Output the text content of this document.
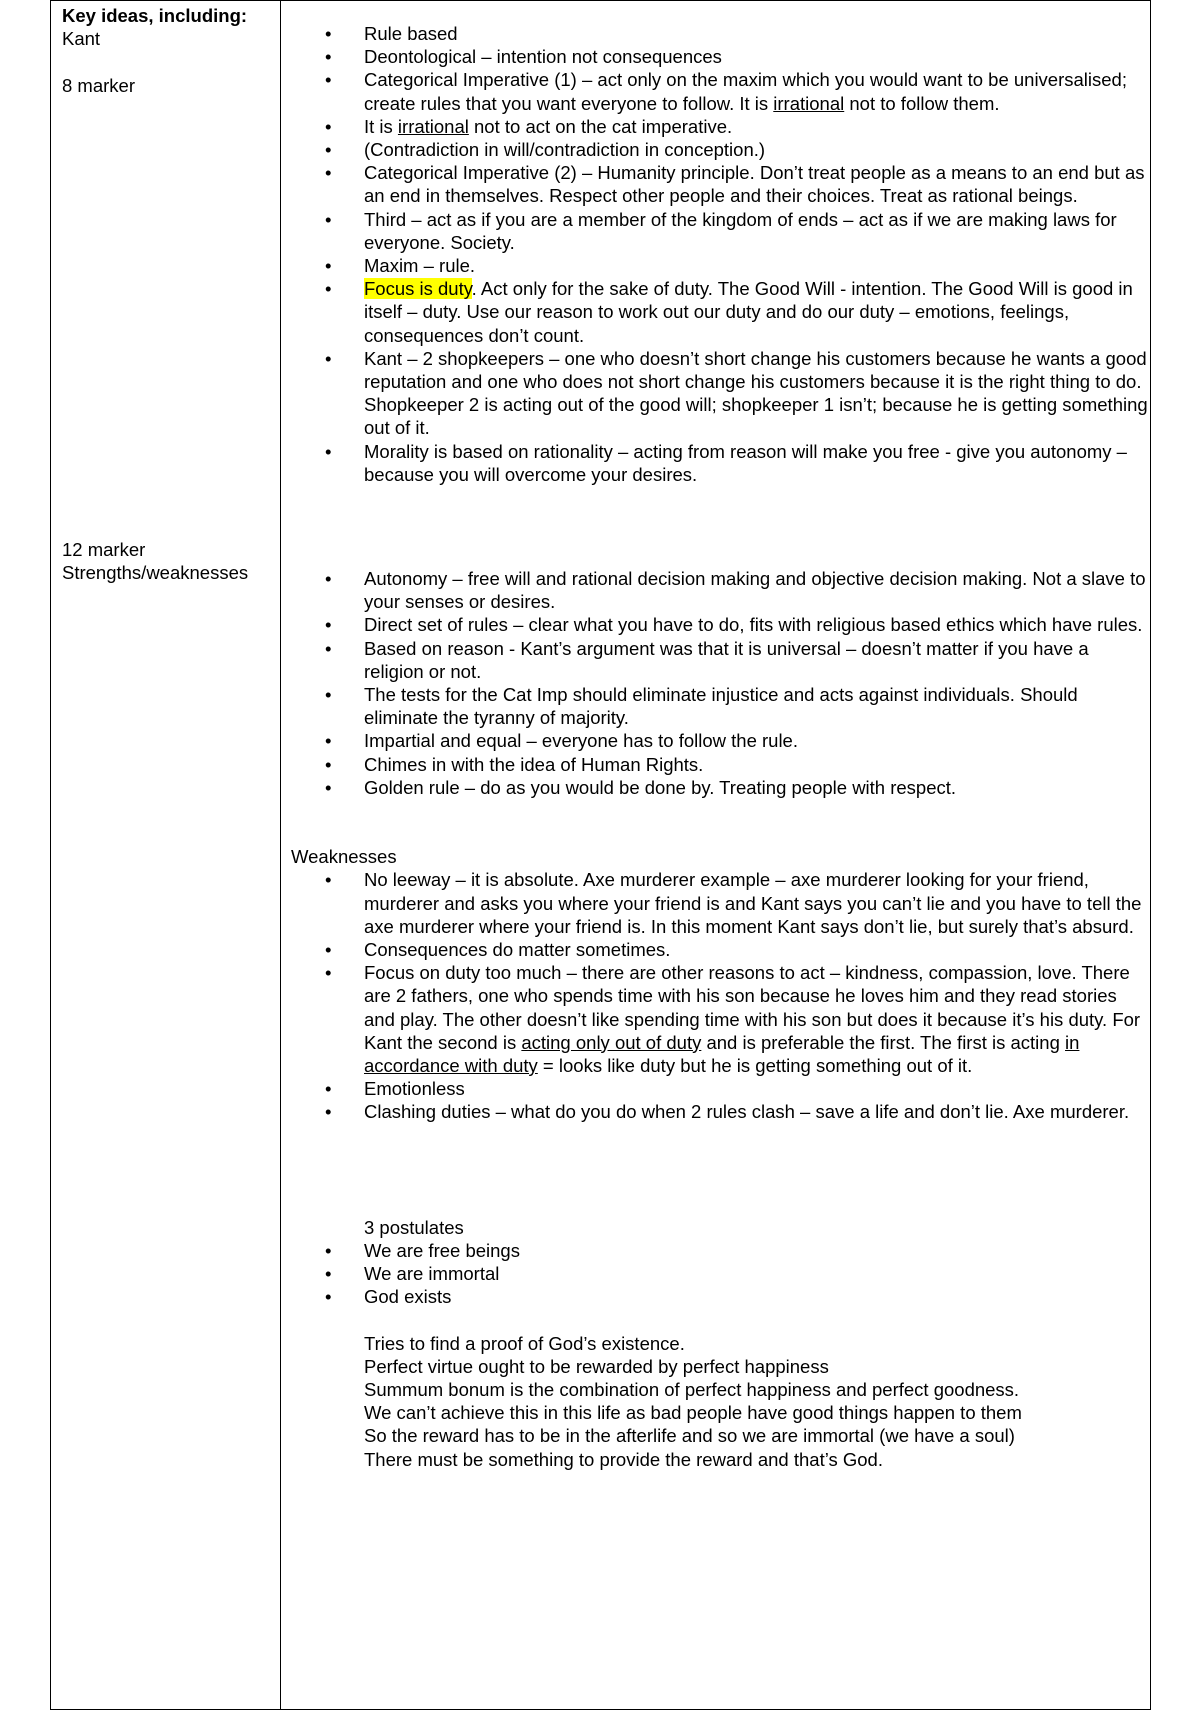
Key ideas, including:
Kant
8 marker
12 marker
Strengths/weaknesses
• Rule based
• Deontological – intention not consequences
• Categorical Imperative (1) – act only on the maxim which you would want to be universalised; create rules that you want everyone to follow. It is irrational not to follow them.
• It is irrational not to act on the cat imperative.
• (Contradiction in will/contradiction in conception.)
• Categorical Imperative (2) – Humanity principle. Don’t treat people as a means to an end but as an end in themselves. Respect other people and their choices. Treat as rational beings.
• Third – act as if you are a member of the kingdom of ends – act as if we are making laws for everyone. Society.
• Maxim – rule.
• Focus is duty. Act only for the sake of duty. The Good Will - intention. The Good Will is good in itself – duty. Use our reason to work out our duty and do our duty – emotions, feelings, consequences don’t count.
• Kant – 2 shopkeepers – one who doesn’t short change his customers because he wants a good reputation and one who does not short change his customers because it is the right thing to do. Shopkeeper 2 is acting out of the good will; shopkeeper 1 isn’t; because he is getting something out of it.
• Morality is based on rationality – acting from reason will make you free - give you autonomy – because you will overcome your desires.
• Autonomy – free will and rational decision making and objective decision making. Not a slave to your senses or desires.
• Direct set of rules – clear what you have to do, fits with religious based ethics which have rules.
• Based on reason - Kant’s argument was that it is universal – doesn’t matter if you have a religion or not.
• The tests for the Cat Imp should eliminate injustice and acts against individuals. Should eliminate the tyranny of majority.
• Impartial and equal – everyone has to follow the rule.
• Chimes in with the idea of Human Rights.
• Golden rule – do as you would be done by. Treating people with respect.
Weaknesses
• No leeway – it is absolute. Axe murderer example – axe murderer looking for your friend, murderer and asks you where your friend is and Kant says you can’t lie and you have to tell the axe murderer where your friend is. In this moment Kant says don’t lie, but surely that’s absurd.
• Consequences do matter sometimes.
• Focus on duty too much – there are other reasons to act – kindness, compassion, love. There are 2 fathers, one who spends time with his son because he loves him and they read stories and play. The other doesn’t like spending time with his son but does it because it’s his duty. For Kant the second is acting only out of duty and is preferable the first. The first is acting in accordance with duty = looks like duty but he is getting something out of it.
• Emotionless
• Clashing duties – what do you do when 2 rules clash – save a life and don’t lie. Axe murderer.
3 postulates
• We are free beings
• We are immortal
• God exists
Tries to find a proof of God’s existence.
Perfect virtue ought to be rewarded by perfect happiness
Summum bonum is the combination of perfect happiness and perfect goodness.
We can’t achieve this in this life as bad people have good things happen to them
So the reward has to be in the afterlife and so we are immortal (we have a soul)
There must be something to provide the reward and that’s God.
